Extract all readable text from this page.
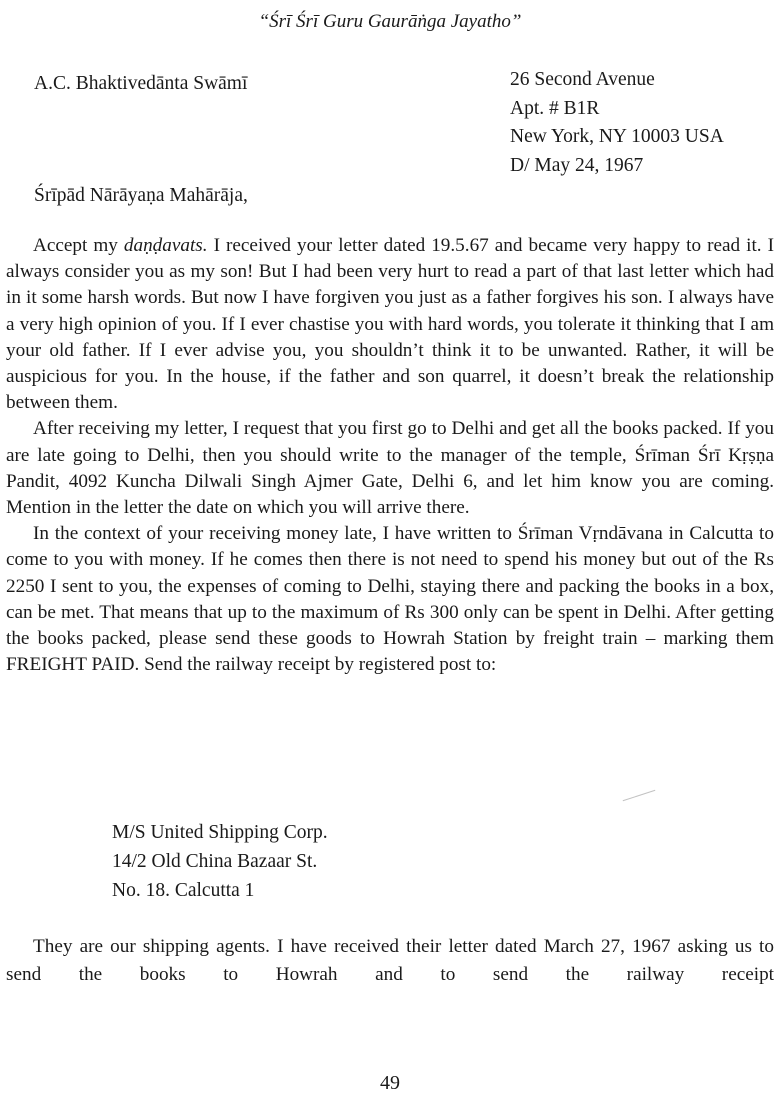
“Śrī Śrī Guru Gaurāṅga Jayatho”
A.C. Bhaktivedānta Swāmī	26 Second Avenue
Apt. # B1R
New York, NY 10003 USA
D/ May 24, 1967
Śrīpād Nārāyaṇa Mahārāja,

Accept my daṇḍavats. I received your letter dated 19.5.67 and became very happy to read it. I always consider you as my son! But I had been very hurt to read a part of that last letter which had in it some harsh words. But now I have forgiven you just as a father forgives his son. I always have a very high opinion of you. If I ever chastise you with hard words, you tolerate it thinking that I am your old father. If I ever advise you, you shouldn’t think it to be unwanted. Rather, it will be auspicious for you. In the house, if the father and son quarrel, it doesn’t break the relationship between them.

After receiving my letter, I request that you first go to Delhi and get all the books packed. If you are late going to Delhi, then you should write to the manager of the temple, Śrīman Śrī Kṛṣṇa Pandit, 4092 Kuncha Dilwali Singh Ajmer Gate, Delhi 6, and let him know you are coming. Mention in the letter the date on which you will arrive there.

In the context of your receiving money late, I have written to Śrīman Vṛndāvana in Calcutta to come to you with money. If he comes then there is not need to spend his money but out of the Rs 2250 I sent to you, the expenses of coming to Delhi, staying there and packing the books in a box, can be met. That means that up to the maximum of Rs 300 only can be spent in Delhi. After getting the books packed, please send these goods to Howrah Station by freight train – marking them FREIGHT PAID. Send the railway receipt by registered post to:

M/S United Shipping Corp.
14/2 Old China Bazaar St.
No. 18. Calcutta 1

They are our shipping agents. I have received their letter dated March 27, 1967 asking us to send the books to Howrah and to send the railway receipt

49
